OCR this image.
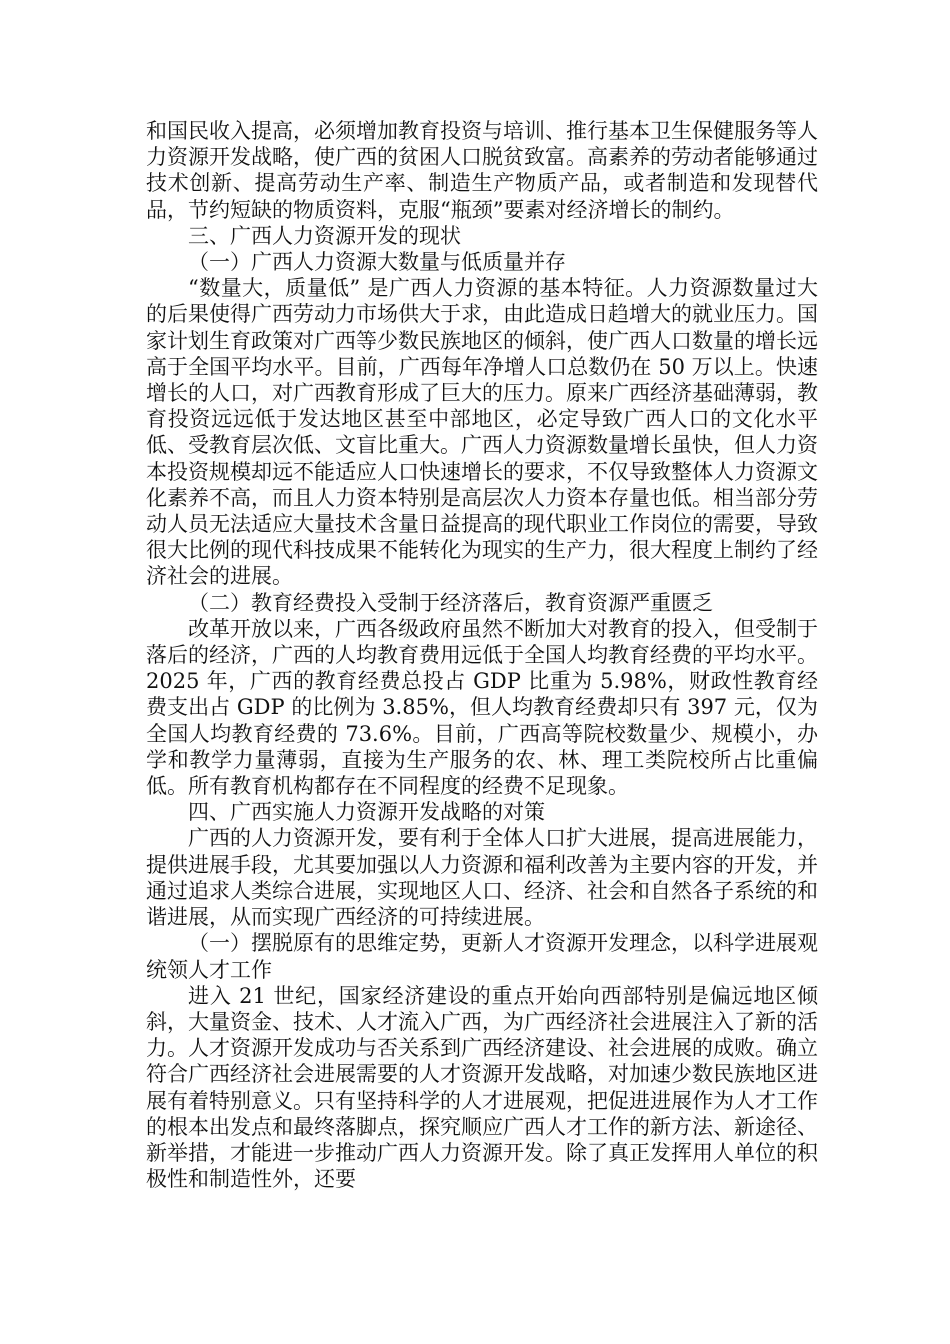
和国民收入提高，必须增加教育投资与培训、推行基本卫生保健服务等人力资源开发战略，使广西的贫困人口脱贫致富。高素养的劳动者能够通过技术创新、提高劳动生产率、制造生产物质产品，或者制造和发现替代品，节约短缺的物质资料，克服“瓶颈”要素对经济增长的制约。

三、广西人力资源开发的现状

（一）广西人力资源大数量与低质量并存

“数量大，质量低” 是广西人力资源的基本特征。人力资源数量过大的后果使得广西劳动力市场供大于求，由此造成日趋增大的就业压力。国家计划生育政策对广西等少数民族地区的倾斜，使广西人口数量的增长远高于全国平均水平。目前，广西每年净增人口总数仍在 50 万以上。快速增长的人口，对广西教育形成了巨大的压力。原来广西经济基础薄弱，教育投资远远低于发达地区甚至中部地区，必定导致广西人口的文化水平低、受教育层次低、文盲比重大。广西人力资源数量增长虽快，但人力资本投资规模却远不能适应人口快速增长的要求，不仅导致整体人力资源文化素养不高，而且人力资本特别是高层次人力资本存量也低。相当部分劳动人员无法适应大量技术含量日益提高的现代职业工作岗位的需要，导致很大比例的现代科技成果不能转化为现实的生产力，很大程度上制约了经济社会的进展。

（二）教育经费投入受制于经济落后，教育资源严重匮乏

改革开放以来，广西各级政府虽然不断加大对教育的投入，但受制于落后的经济，广西的人均教育费用远低于全国人均教育经费的平均水平。2025 年，广西的教育经费总投占 GDP 比重为 5.98%，财政性教育经费支出占 GDP 的比例为 3.85%，但人均教育经费却只有 397 元，仅为全国人均教育经费的 73.6%。目前，广西高等院校数量少、规模小，办学和教学力量薄弱，直接为生产服务的农、林、理工类院校所占比重偏低。所有教育机构都存在不同程度的经费不足现象。

四、广西实施人力资源开发战略的对策

广西的人力资源开发，要有利于全体人口扩大进展，提高进展能力，提供进展手段，尤其要加强以人力资源和福利改善为主要内容的开发，并通过追求人类综合进展，实现地区人口、经济、社会和自然各子系统的和谐进展，从而实现广西经济的可持续进展。

（一）摆脱原有的思维定势，更新人才资源开发理念，以科学进展观统领人才工作

进入 21 世纪，国家经济建设的重点开始向西部特别是偏远地区倾斜，大量资金、技术、人才流入广西，为广西经济社会进展注入了新的活力。人才资源开发成功与否关系到广西经济建设、社会进展的成败。确立符合广西经济社会进展需要的人才资源开发战略，对加速少数民族地区进展有着特别意义。只有坚持科学的人才进展观，把促进进展作为人才工作的根本出发点和最终落脚点，探究顺应广西人才工作的新方法、新途径、新举措，才能进一步推动广西人力资源开发。除了真正发挥用人单位的积极性和制造性外，还要
